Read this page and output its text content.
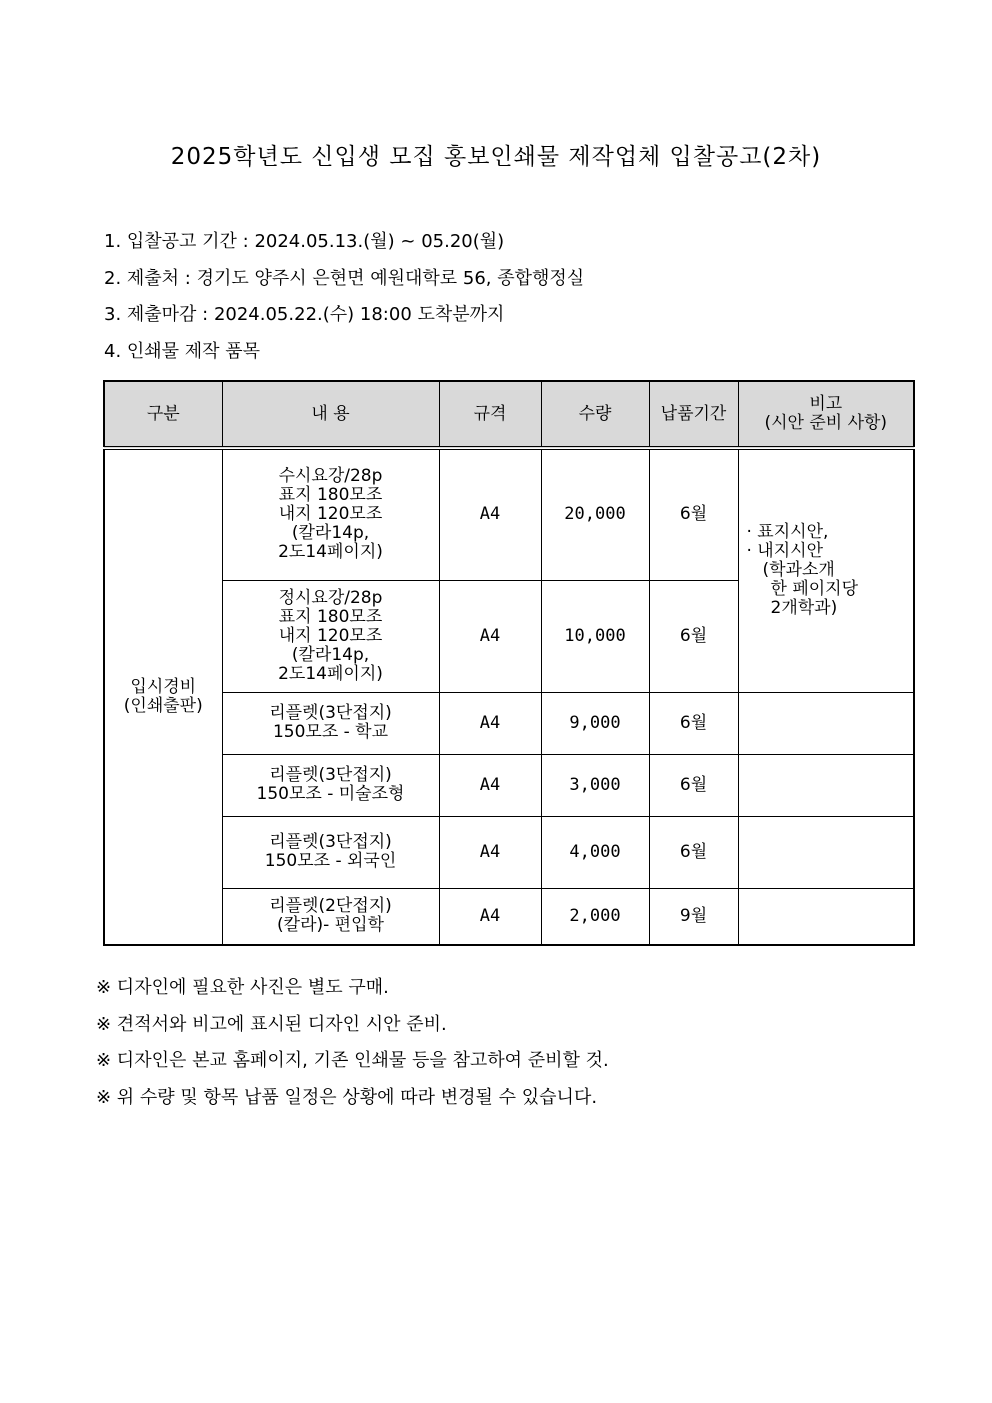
2025학년도 신입생 모집 홍보인쇄물 제작업체 입찰공고(2차)
1. 입찰공고 기간 : 2024.05.13.(월) ~ 05.20(월)
2. 제출처 : 경기도 양주시 은현면 예원대학로 56, 종합행정실
3. 제출마감 : 2024.05.22.(수) 18:00 도착분까지
4. 인쇄물 제작 품목
구분	내 용	규격	수량	납품기간	비고
(시안 준비 사항)

입시경비
(인쇄출판)	수시요강/28p
표지 180모조
내지 120모조
(칼라14p,
2도14페이지)	A4	20,000	6월	· 표지시안,
· 내지시안
(학과소개
한 페이지당
2개학과)

	정시요강/28p
표지 180모조
내지 120모조
(칼라14p,
2도14페이지)	A4	10,000	6월	

	리플렛(3단접지)
150모조 - 학교	A4	9,000	6월	

	리플렛(3단접지)
150모조 - 미술조형	A4	3,000	6월	

	리플렛(3단접지)
150모조 - 외국인	A4	4,000	6월	

	리플렛(2단접지)
(칼라)- 편입학	A4	2,000	9월	
※ 디자인에 필요한 사진은 별도 구매.
※ 견적서와 비고에 표시된 디자인 시안 준비.
※ 디자인은 본교 홈페이지, 기존 인쇄물 등을 참고하여 준비할 것.
※ 위 수량 및 항목 납품 일정은 상황에 따라 변경될 수 있습니다.
